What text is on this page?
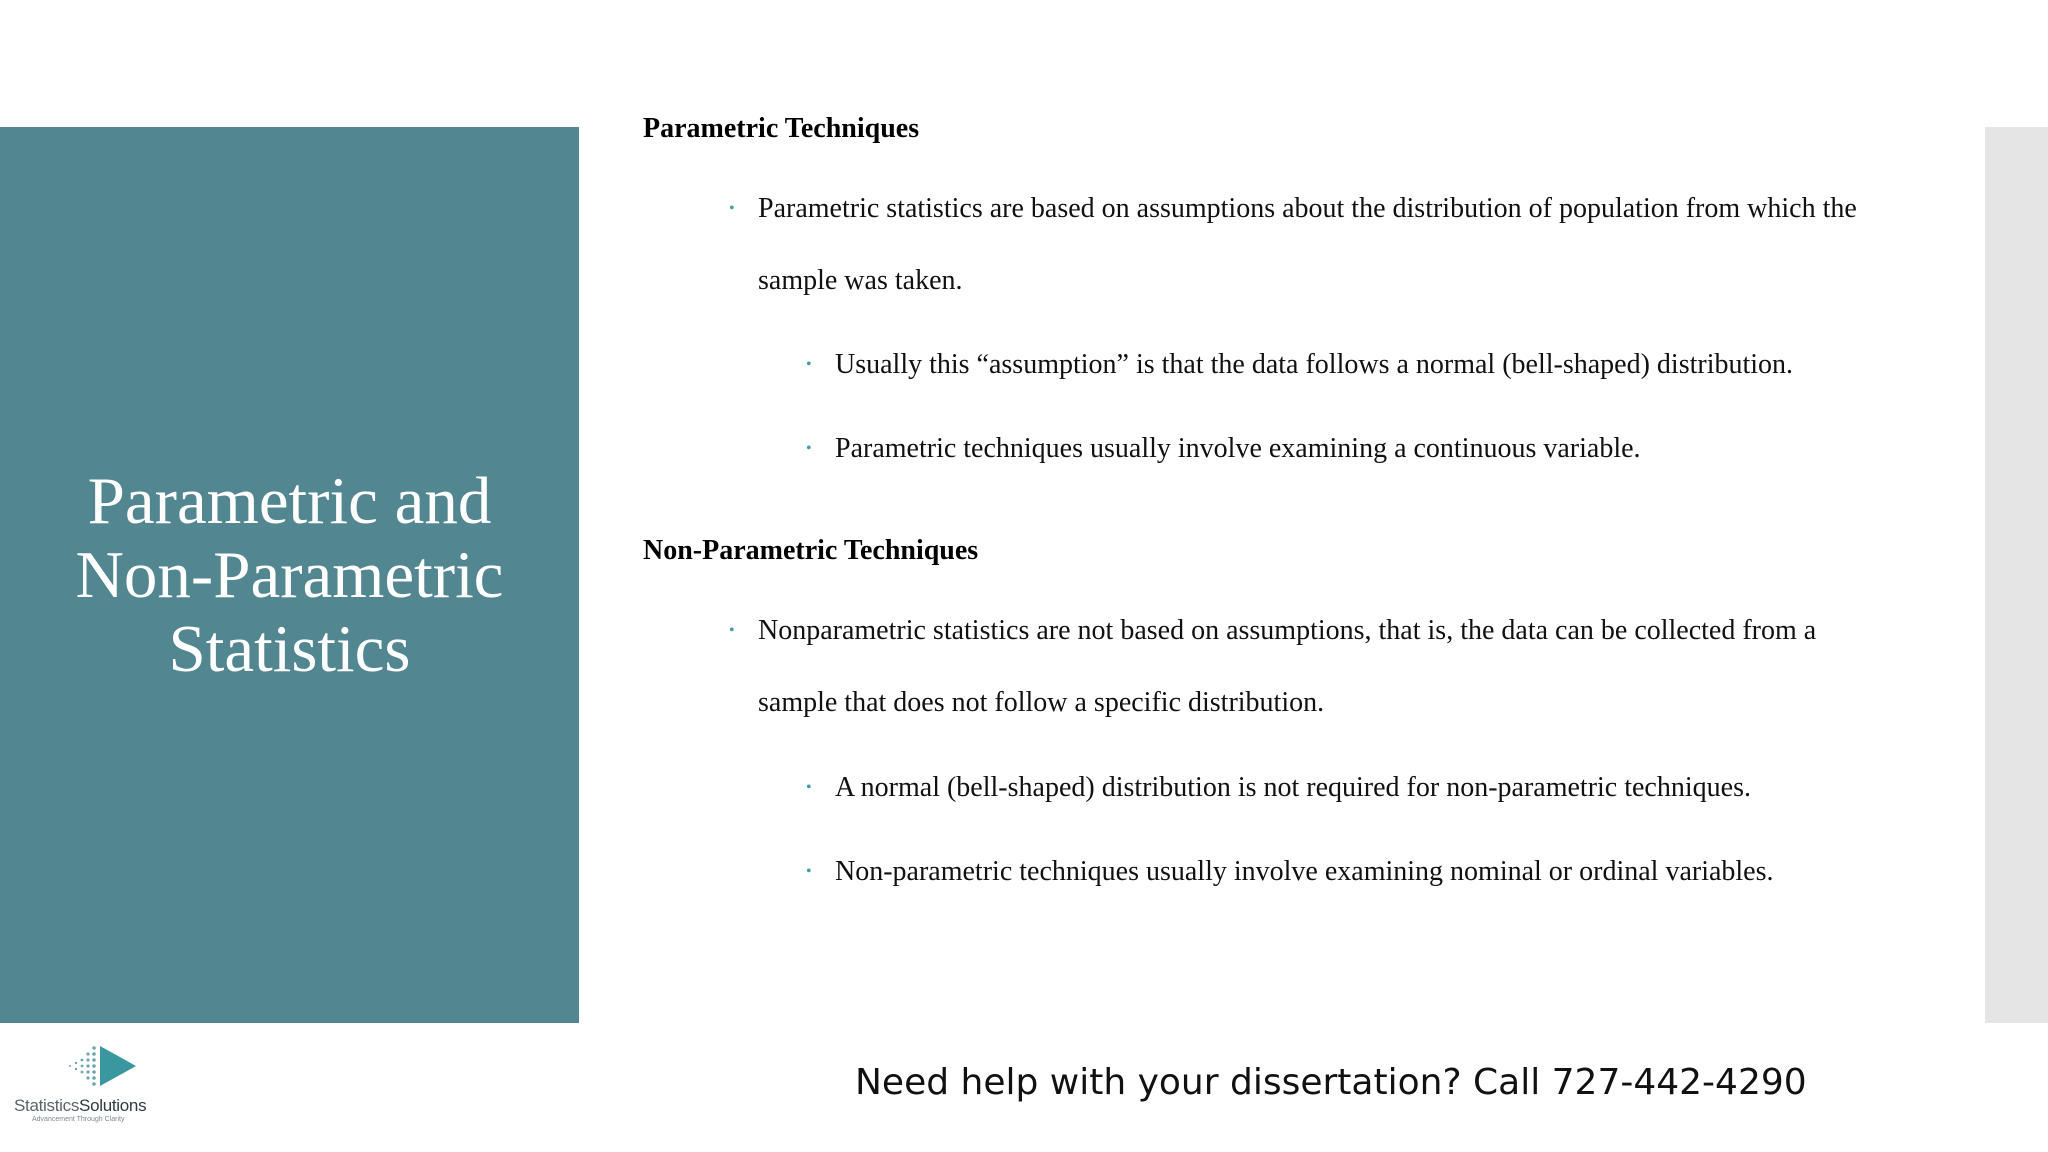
Parametric and Non-Parametric Statistics

Parametric Techniques

• Parametric statistics are based on assumptions about the distribution of population from which the sample was taken.
• Usually this “assumption” is that the data follows a normal (bell-shaped) distribution.
• Parametric techniques usually involve examining a continuous variable.

Non-Parametric Techniques

• Nonparametric statistics are not based on assumptions, that is, the data can be collected from a sample that does not follow a specific distribution.
• A normal (bell-shaped) distribution is not required for non-parametric techniques.
• Non-parametric techniques usually involve examining nominal or ordinal variables.

Need help with your dissertation? Call 727-442-4290

StatisticsSolutions
Advancement Through Clarity
